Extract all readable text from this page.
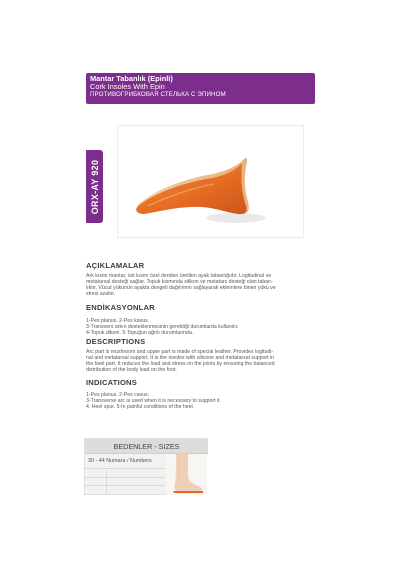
Mantar Tabanlık (Epinli)
Cork Insoles With Epin
ПРОТИВОГРИБКОВАЯ СТЕЛЬКА С ЭПИНОМ
ORX-AY 920
AÇIKLAMALAR
Ark kısmı mantar, üst kısmı özel deriden üretilen ayak tabanlığıdır. Logitudinal ve
metatarsal desteği sağlar. Topuk kısmında silikon ve metatars desteği olan taban-
lıktır. Vücut yükünün ayakta dengeli dağılımını sağlayarak eklemlere binen yükü ve
stresi azaltır.
ENDİKASYONLAR
1-Pes planus. 2-Pes kavus.
3-Transvers arkın desteklenmesinin gerektiği durumlarda kullanılır.
4-Topuk dikeni. 5-Topuğun ağrılı durumlarında.
DESCRIPTIONS
Arc part is mushroom and upper part is made of special leather. Provides logitudi-
nal and metatarsal support. It is the insoles with silicone and metatarsal support in
the heel part. It reduces the load and stress on the joints by ensuring the balanced
distribution of the body load on the foot.
INDICATIONS
1-Pes planus. 2-Pes cavus.
3-Transverse arc is used when it is necessary to support it.
4. Heel spur. 5-In painful conditions of the heel.
BEDENLER - SIZES
30 - 44 Numara / Numbers
